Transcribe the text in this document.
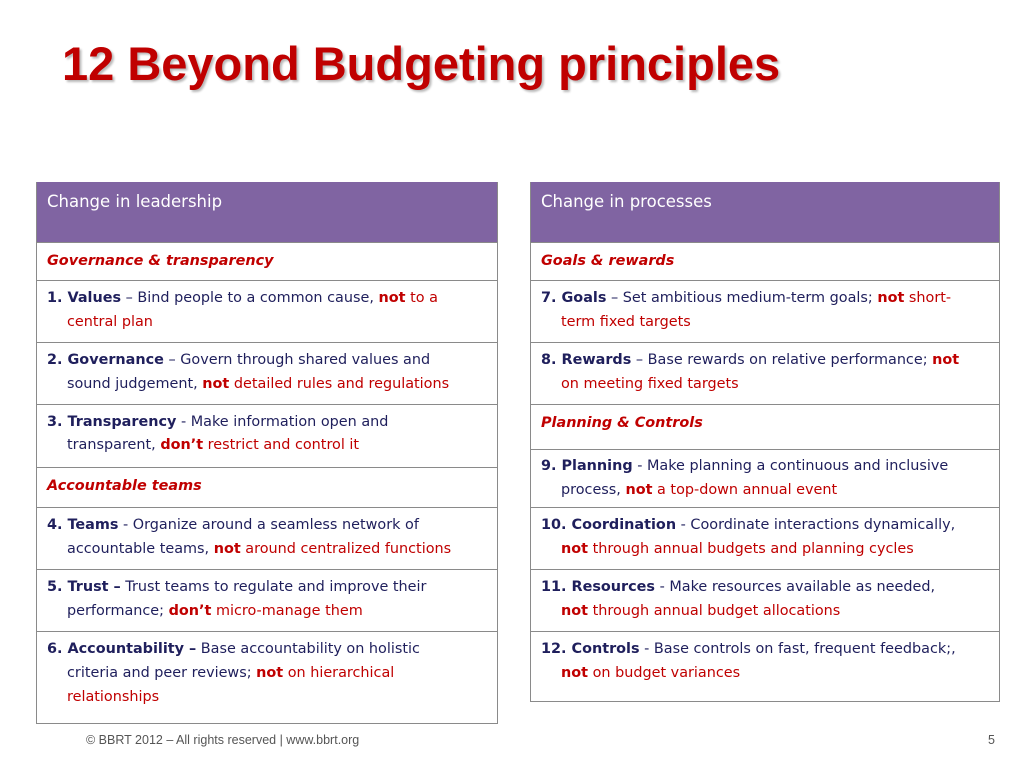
12 Beyond Budgeting principles
Change in leadership
Governance & transparency
1. Values – Bind people to a common cause, not to a
central plan
2. Governance – Govern through shared values and
sound judgement, not detailed rules and regulations
3. Transparency - Make information open and
transparent, don’t restrict and control it
Accountable teams
4. Teams - Organize around a seamless network of
accountable teams, not around centralized functions
5. Trust – Trust teams to regulate and improve their
performance; don’t micro-manage them
6. Accountability – Base accountability on holistic
criteria and peer reviews; not on hierarchical
relationships
Change in processes
Goals & rewards
7. Goals – Set ambitious medium-term goals; not short-
term fixed targets
8. Rewards – Base rewards on relative performance; not
on meeting fixed targets
Planning & Controls
9. Planning - Make planning a continuous and inclusive
process, not a top-down annual event
10. Coordination - Coordinate interactions dynamically,
not through annual budgets and planning cycles
11. Resources - Make resources available as needed,
not through annual budget allocations
12. Controls - Base controls on fast, frequent feedback;,
not on budget variances
© BBRT 2012 – All rights reserved | www.bbrt.org	5
